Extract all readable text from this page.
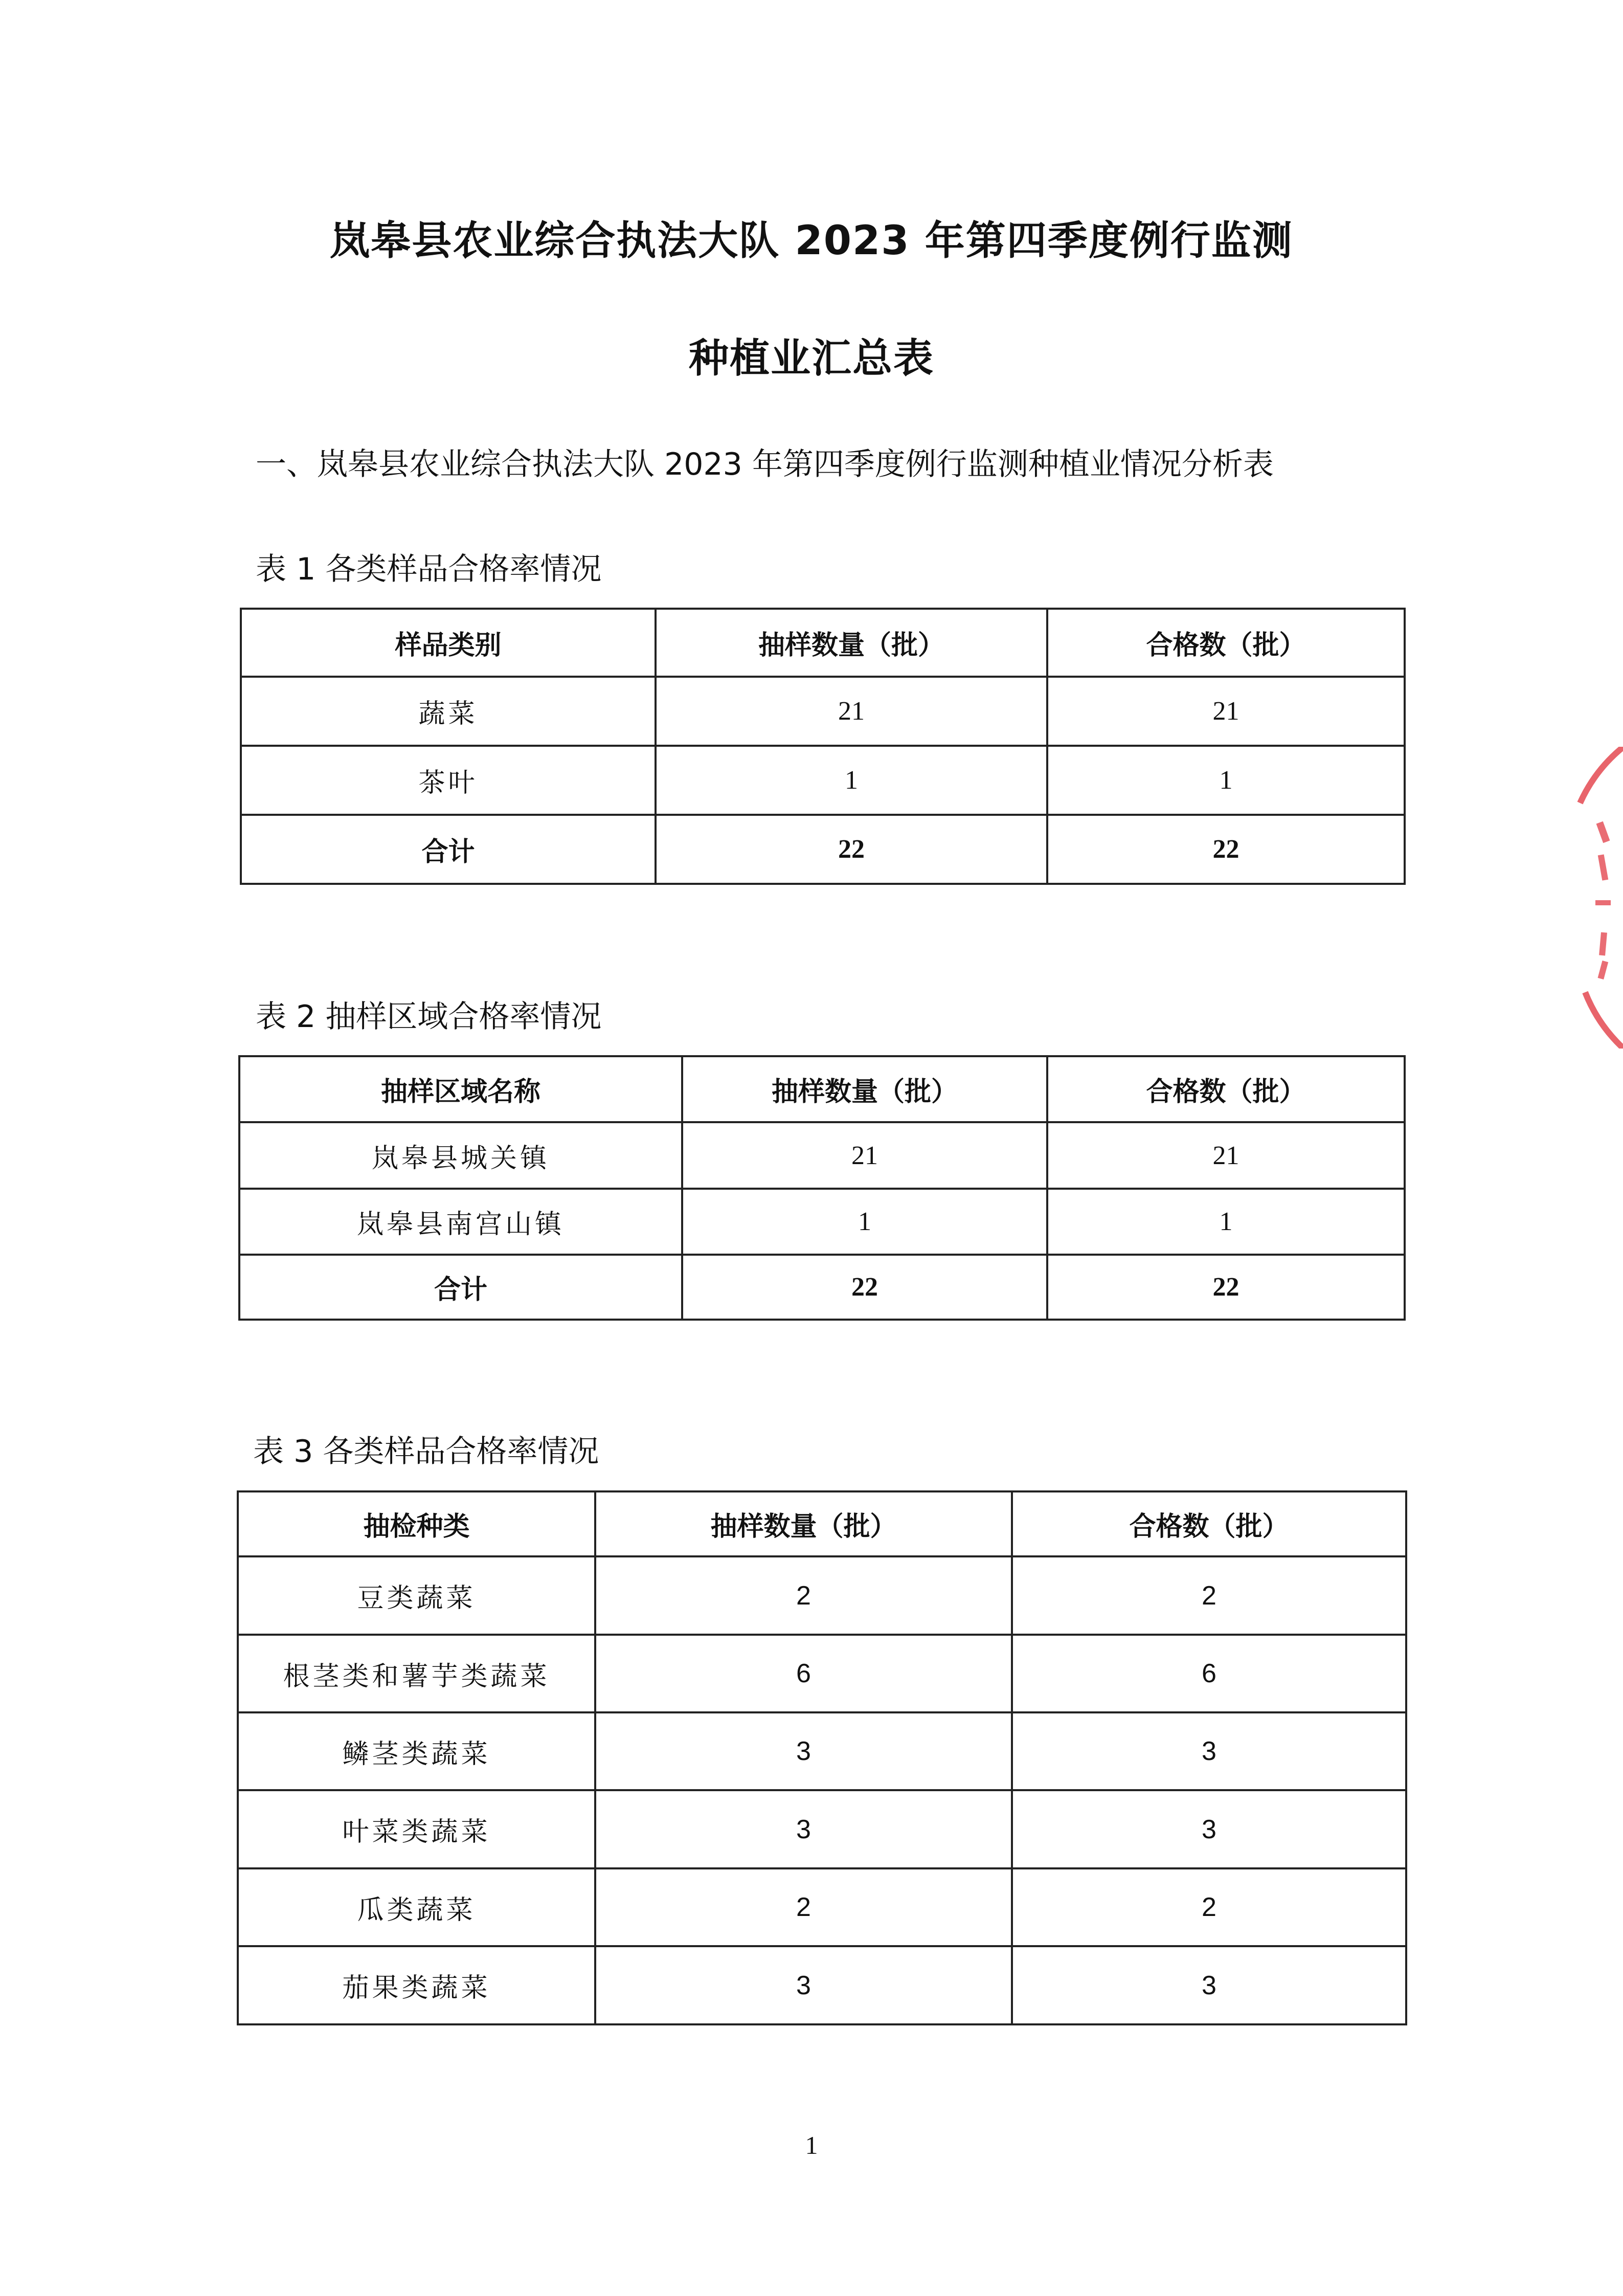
岚皋县农业综合执法大队 2023 年第四季度例行监测
种植业汇总表
一、岚皋县农业综合执法大队 2023 年第四季度例行监测种植业情况分析表
表 1 各类样品合格率情况
样品类别	抽样数量（批）	合格数（批）
蔬菜	21	21
茶叶	1	1
合计	22	22
表 2 抽样区域合格率情况
抽样区域名称	抽样数量（批）	合格数（批）
岚皋县城关镇	21	21
岚皋县南宫山镇	1	1
合计	22	22
表 3 各类样品合格率情况
抽检种类	抽样数量（批）	合格数（批）
豆类蔬菜	2	2
根茎类和薯芋类蔬菜	6	6
鳞茎类蔬菜	3	3
叶菜类蔬菜	3	3
瓜类蔬菜	2	2
茄果类蔬菜	3	3
1
